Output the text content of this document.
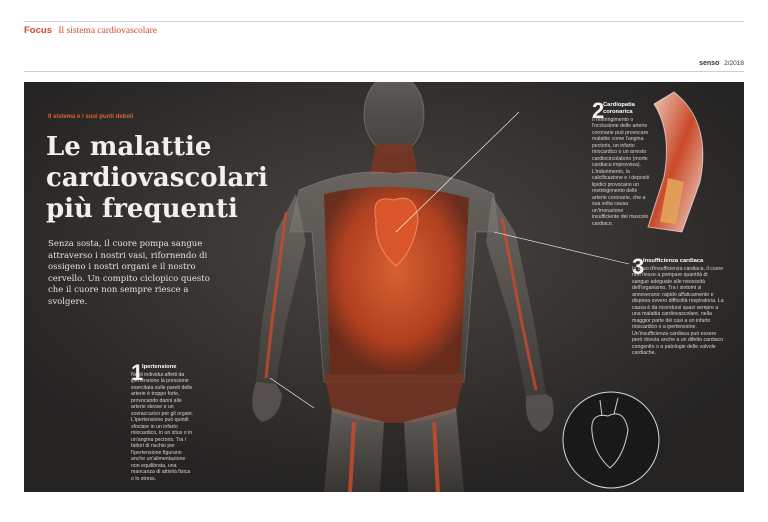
Focus Il sistema cardiovascolare
senso 2/2018
Il sistema e i suoi punti deboli
Le malattie cardiovascolari più frequenti

Senza sosta, il cuore pompa sangue attraverso i nostri vasi, rifornendo di ossigeno i nostri organi e il nostro cervello. Un compito ciclopico questo che il cuore non sempre riesce a svolgere.

1
Ipertensione
Negli individui affetti da ipertensione la pressione esercitata sulle pareti delle arterie è troppo forte, provocando danni alle arterie stesse e un sovraccarico per gli organi. L'ipertensione può quindi sfociare in un infarto miocardico, in un ictus o in un'angina pectoris. Tra i fattori di rischio per l'ipertensione figurano anche un'alimentazione non equilibrata, una mancanza di attività fisica o lo stress.
2
Cardiopatia coronarica
Il restringimento o l'occlusione delle arterie coronarie può provocare malattie come l'angina pectoris, un infarto miocardico o un arresto cardiocircolatorio (morte cardiaca improvvisa). L'indurimento, la calcificazione e i depositi lipidici provocano un restringimento delle arterie coronarie, che a sua volta causa un'irrorazione insufficiente del muscolo cardiaco.
3
Insufficienza cardiaca
In caso d'insufficienza cardiaca, il cuore non riesce a pompare quantità di sangue adeguate alle necessità dell'organismo. Tra i sintomi si annoverano: rapido affaticamento e dispnea ovvero difficoltà respiratoria. La causa è da ricondursi quasi sempre a una malattia cardiovascolare, nella maggior parte dei casi a un infarto miocardico o a ipertensione. Un'insufficienza cardiaca può essere però dovuta anche a un difetto cardiaco congenito o a patologie delle valvole cardiache.
